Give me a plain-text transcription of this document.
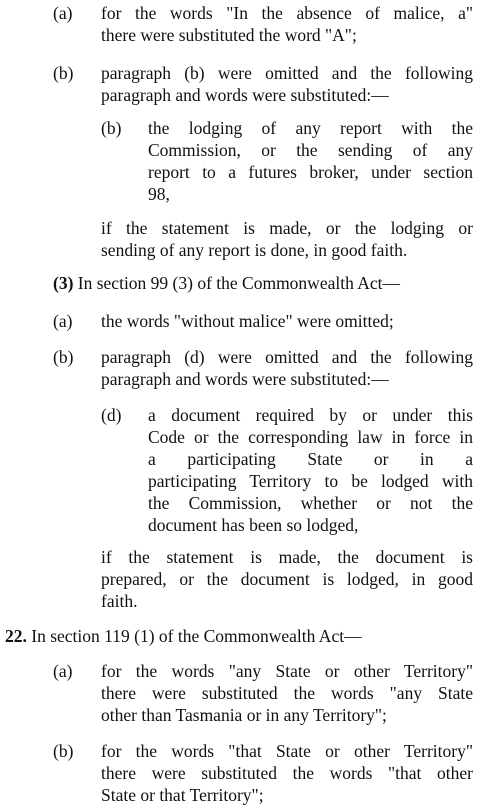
(a) for the words "In the absence of malice, a"
there were substituted the word "A";
(b) paragraph (b) were omitted and the following
paragraph and words were substituted:—
(b) the lodging of any report with the
Commission, or the sending of any
report to a futures broker, under section
98,
if the statement is made, or the lodging or
sending of any report is done, in good faith.
(3) In section 99 (3) of the Commonwealth Act—
(a) the words "without malice" were omitted;
(b) paragraph (d) were omitted and the following
paragraph and words were substituted:—
(d) a document required by or under this
Code or the corresponding law in force in
a participating State or in a
participating Territory to be lodged with
the Commission, whether or not the
document has been so lodged,
if the statement is made, the document is
prepared, or the document is lodged, in good
faith.
22. In section 119 (1) of the Commonwealth Act—
(a) for the words "any State or other Territory"
there were substituted the words "any State
other than Tasmania or in any Territory";
(b) for the words "that State or other Territory"
there were substituted the words "that other
State or that Territory";
